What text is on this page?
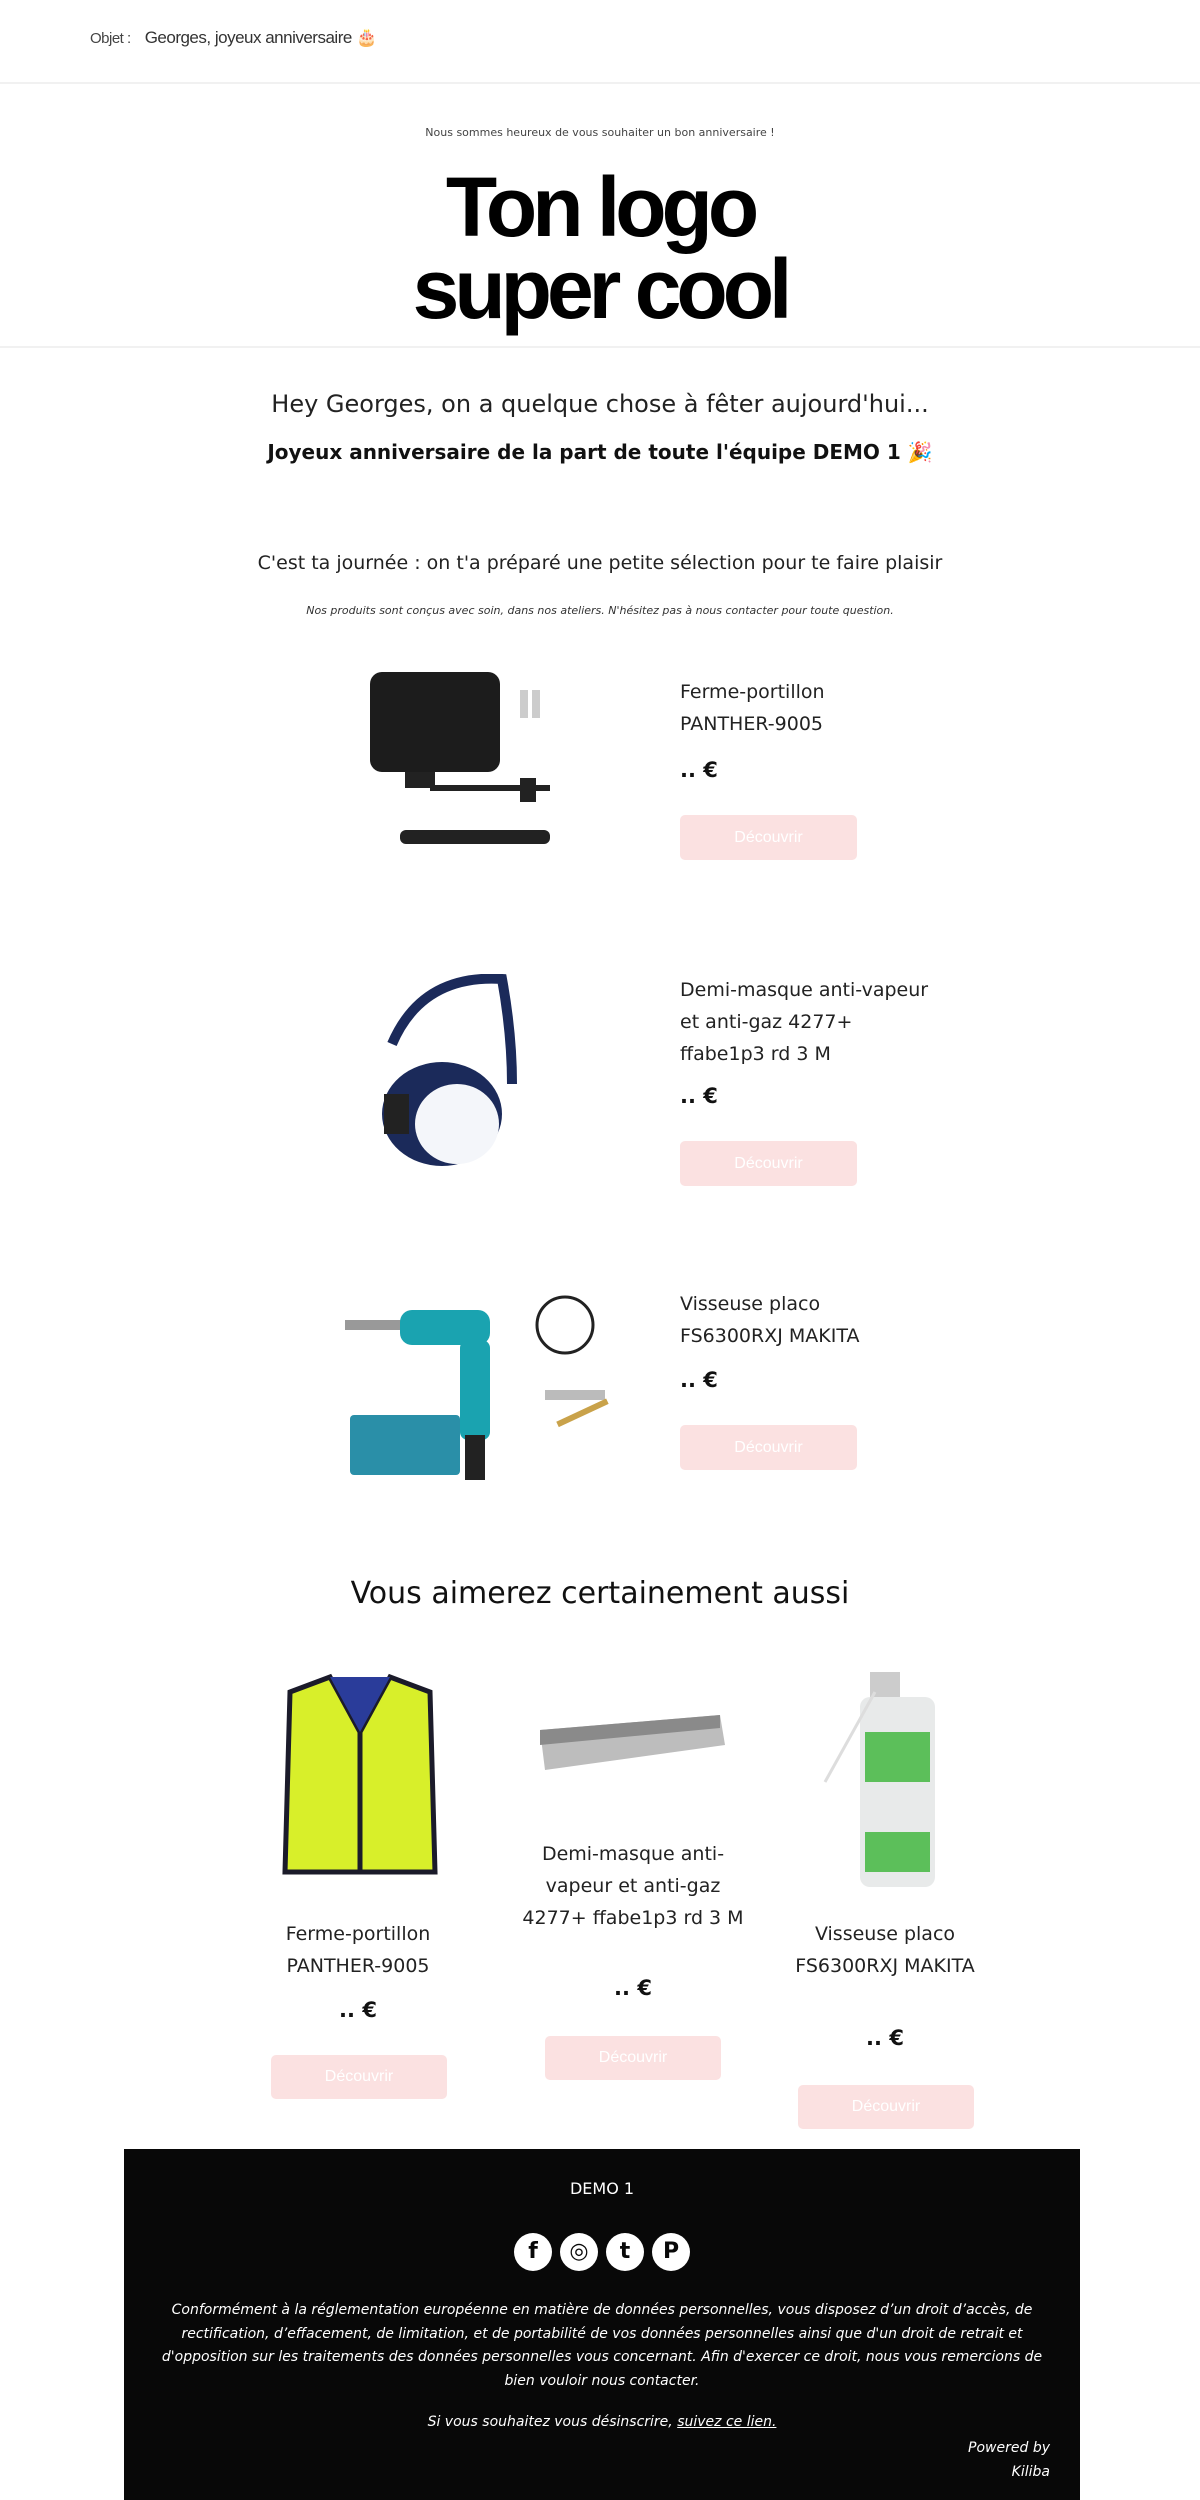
Objet : Georges, joyeux anniversaire 🎂
Nous sommes heureux de vous souhaiter un bon anniversaire !
Ton logo
super cool
Hey Georges, on a quelque chose à fêter aujourd'hui...
Joyeux anniversaire de la part de toute l'équipe DEMO 1 🎉
C'est ta journée : on t'a préparé une petite sélection pour te faire plaisir
Nos produits sont conçus avec soin, dans nos ateliers. N'hésitez pas à nous contacter pour toute question.
Ferme-portillon PANTHER-9005
.. €
Découvrir
Demi-masque anti-vapeur et anti-gaz 4277+ ffabe1p3 rd 3 M
.. €
Découvrir
Visseuse placo FS6300RXJ MAKITA
.. €
Découvrir
Vous aimerez certainement aussi
Ferme-portillon PANTHER-9005
.. €
Découvrir
Demi-masque anti-vapeur et anti-gaz 4277+ ffabe1p3 rd 3 M
.. €
Découvrir
Visseuse placo FS6300RXJ MAKITA
.. €
Découvrir
DEMO 1
f ◎ t P
Conformément à la réglementation européenne en matière de données personnelles, vous disposez d’un droit d’accès, de rectification, d’effacement, de limitation, et de portabilité de vos données personnelles ainsi que d'un droit de retrait et d'opposition sur les traitements des données personnelles vous concernant. Afin d'exercer ce droit, nous vous remercions de bien vouloir nous contacter.
Si vous souhaitez vous désinscrire, suivez ce lien.
Powered by
Kiliba
